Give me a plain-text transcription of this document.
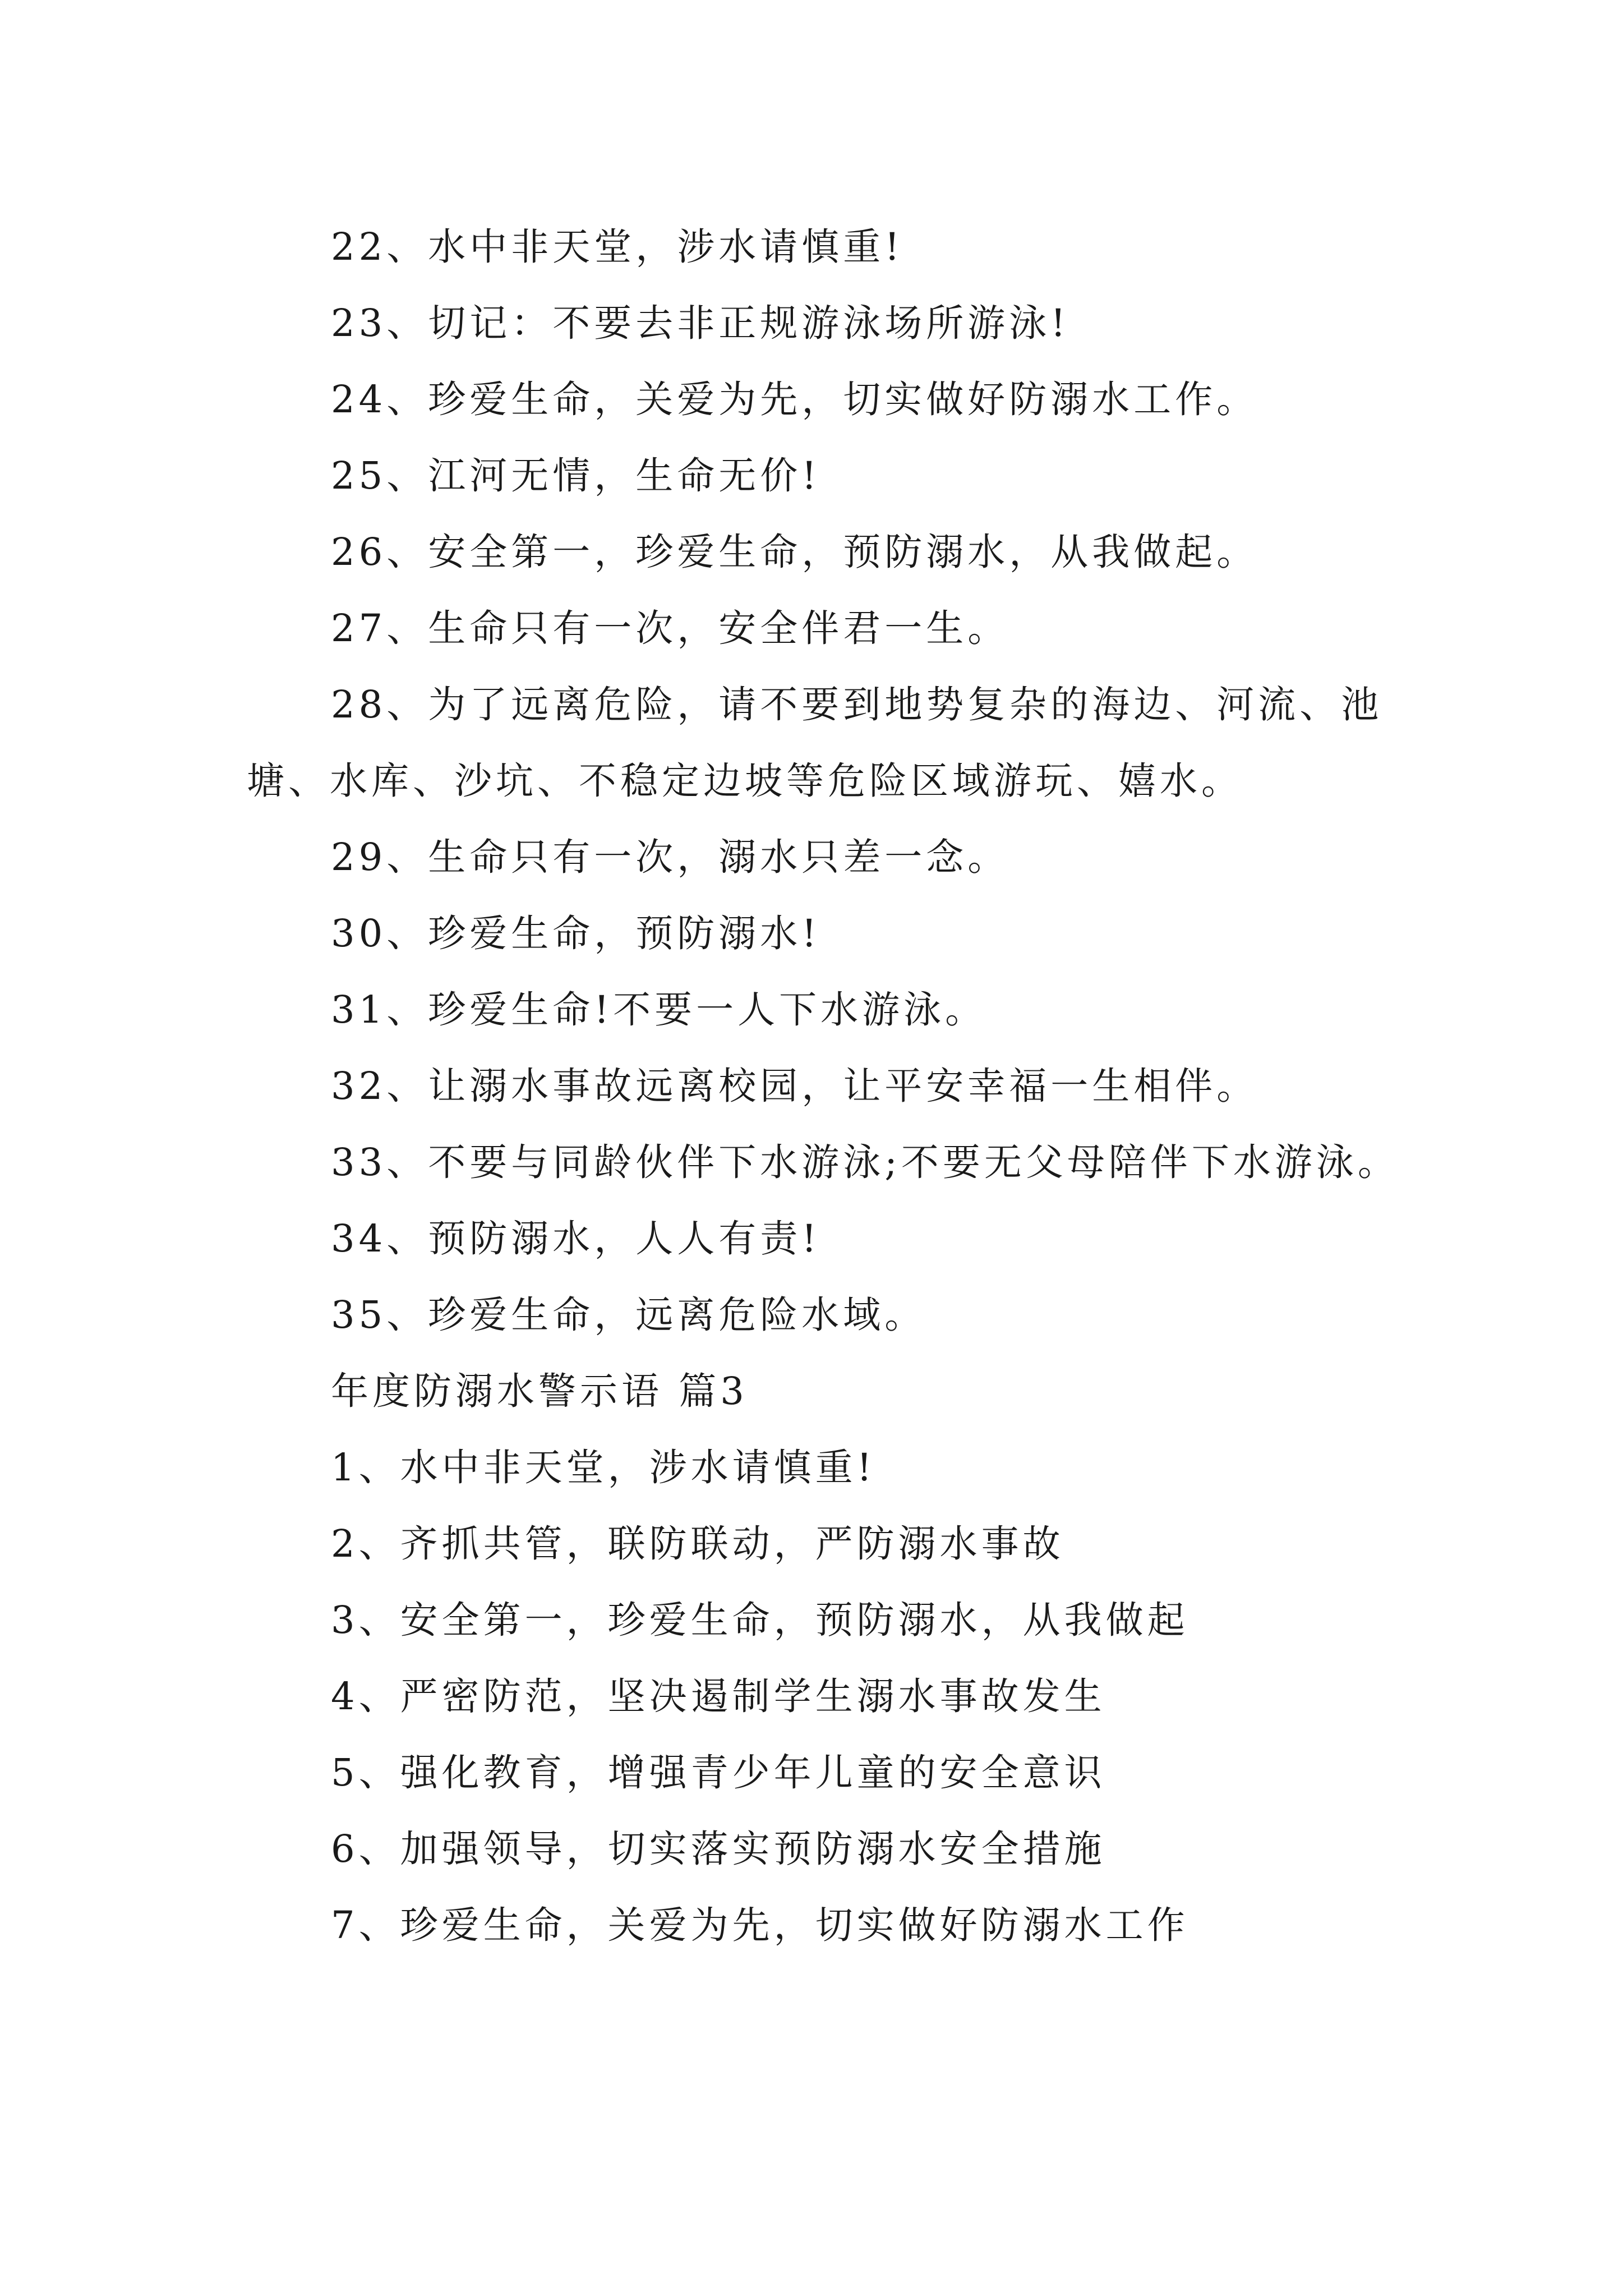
22、水中非天堂，涉水请慎重!

23、切记：不要去非正规游泳场所游泳!

24、珍爱生命，关爱为先，切实做好防溺水工作。

25、江河无情，生命无价!

26、安全第一，珍爱生命，预防溺水，从我做起。

27、生命只有一次，安全伴君一生。

28、为了远离危险，请不要到地势复杂的海边、河流、池塘、水库、沙坑、不稳定边坡等危险区域游玩、嬉水。

29、生命只有一次，溺水只差一念。

30、珍爱生命，预防溺水!

31、珍爱生命!不要一人下水游泳。

32、让溺水事故远离校园，让平安幸福一生相伴。

33、不要与同龄伙伴下水游泳;不要无父母陪伴下水游泳。

34、预防溺水，人人有责!

35、珍爱生命，远离危险水域。

年度防溺水警示语 篇3

1、水中非天堂，涉水请慎重!

2、齐抓共管，联防联动，严防溺水事故

3、安全第一，珍爱生命，预防溺水，从我做起

4、严密防范，坚决遏制学生溺水事故发生

5、强化教育，增强青少年儿童的安全意识

6、加强领导，切实落实预防溺水安全措施

7、珍爱生命，关爱为先，切实做好防溺水工作
